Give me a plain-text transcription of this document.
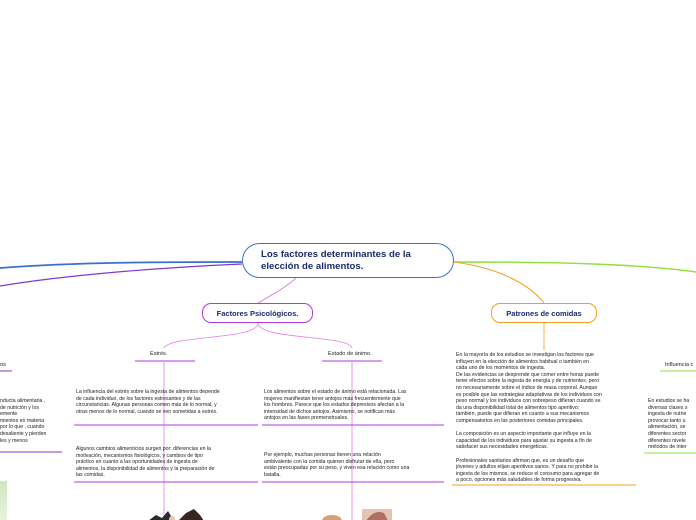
Los factores determinantes de la elección de alimentos.
Factores Psicológicos.	Patrones de comidas
Estrés.	Estado de ánimo.
os	Influencia c
La influencia del estrés sobre la ingesta de alimentos depende
de cada individuo, de los factores estresantes y de las
circunstancias. Algunas personas comen más de lo normal, y
otras menos de lo normal, cuando se ven sometidas a estrés.
Algunos cambios alimenticios surgen por: diferencias en la
motivación, mecanismos fisiológicos, y cambios de tipo
práctico en cuanto a las oportunidades de ingesta de
alimentos, la disponibilidad de alimentos y la preparación de
las comidas.
Los alimentos sobre el estado de ánimo está relacionada. Las
mujeres manifiestan tener antojos más frecuentemente que
los hombres. Parece que los estados depresivos afectan a la
intensidad de dichos antojos. Asimismo, se notifican más
antojos en las fases premenstruales.
Por ejemplo, muchas personas tienen una relación
ambivalente con la comida quieren disfrutar de ella, pero
están preocupadas por su peso, y viven esa relación como una
batalla.
En la mayoría de los estudios se investigan los factores que
influyen en la elección de alimentos habitual o también en
cada uno de los momentos de ingesta.
De las evidencias se desprende que comer entre horas puede
tener efectos sobre la ingesta de energía y de nutrientes, pero
no necesariamente sobre el índice de masa corporal. Aunque
es posible que las estrategias adaptativas de los individuos con
peso normal y los individuos con sobrepeso difieran cuando se
da una disponibilidad total de alimentos tipo aperitivo;
también, puede que difieran en cuanto a sus mecanismos
compensatorios en las posteriores comidas principales.

La composición es un aspecto importante que influye en la
capacidad de los individuos para ajustar su ingesta a fin de
satisfacer sus necesidades energéticas.

Profesionales sanitarios afirman que, es un desafío que
jóvenes y adultos elijan aperitivos sanos. Y para no prohibir la
ingesta de los mismos, se reduce el consumo para agregar de
a poco, opciones más saludables de forma progresiva.
nducta alimentaria ,
de nutrición y los
emente
mientos en materia
por lo que , cuando
desaliente y pierden
les y menos
En estudios se ha
diversas clases s
ingesta de nutrie
provocar tanto u
alimentación, se
diferentes sector
diferentes nivele
métodos de inter
